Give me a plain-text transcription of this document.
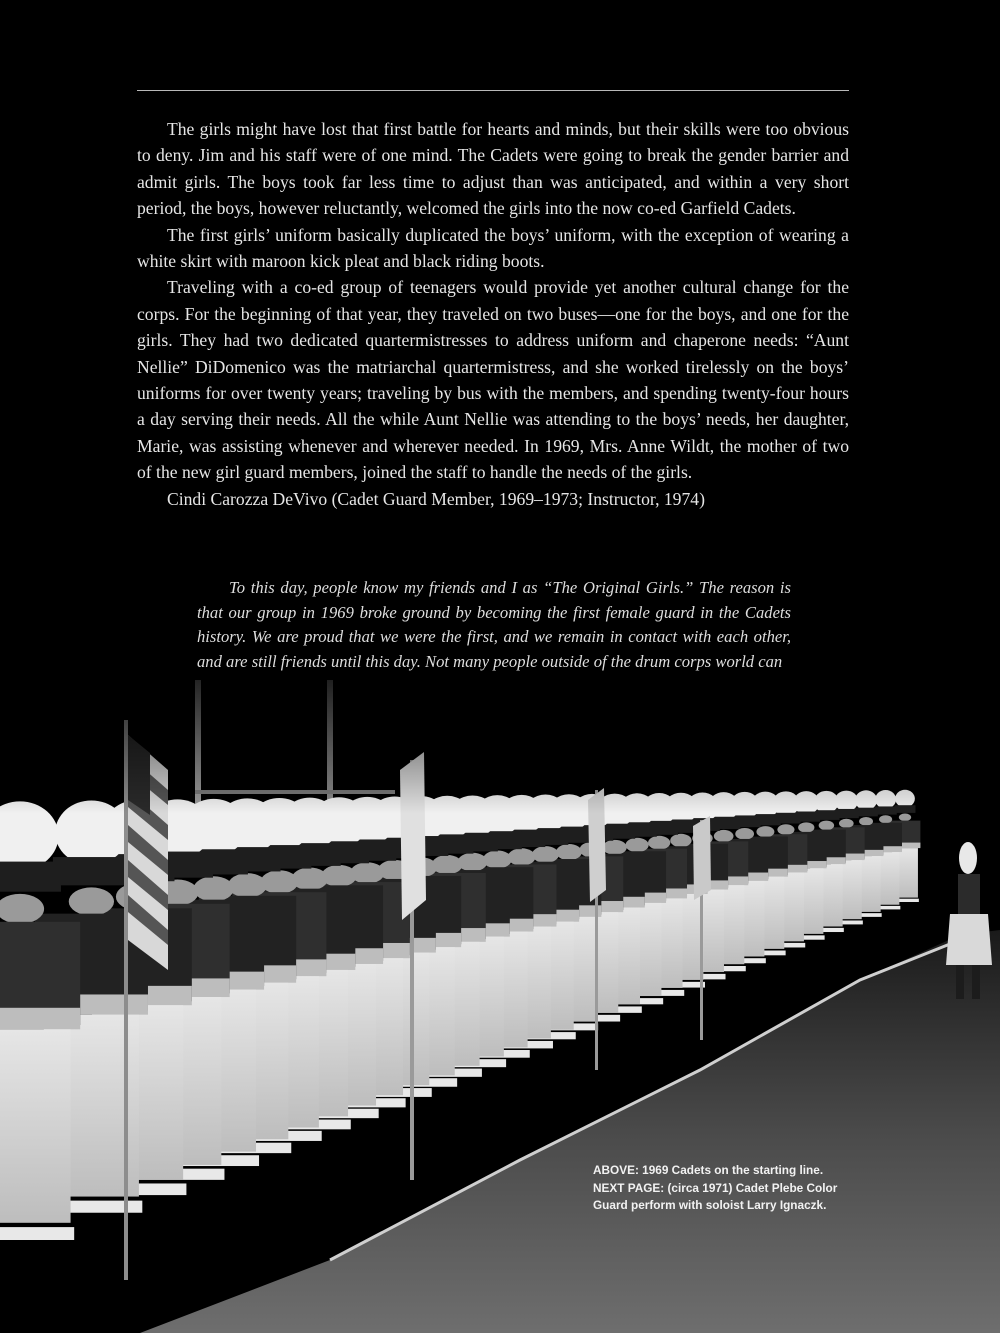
The girls might have lost that first battle for hearts and minds, but their skills were too obvious to deny. Jim and his staff were of one mind. The Cadets were going to break the gender barrier and admit girls. The boys took far less time to adjust than was anticipated, and within a very short period, the boys, however reluctantly, welcomed the girls into the now co-ed Garfield Cadets.

The first girls’ uniform basically duplicated the boys’ uniform, with the exception of wearing a white skirt with maroon kick pleat and black riding boots.

Traveling with a co-ed group of teenagers would provide yet another cultural change for the corps. For the beginning of that year, they traveled on two buses—one for the boys, and one for the girls. They had two dedicated quartermistresses to address uniform and chaperone needs: “Aunt Nellie” DiDomenico was the matriarchal quartermistress, and she worked tirelessly on the boys’ uniforms for over twenty years; traveling by bus with the members, and spending twenty-four hours a day serving their needs. All the while Aunt Nellie was attending to the boys’ needs, her daughter, Marie, was assisting whenever and wherever needed. In 1969, Mrs. Anne Wildt, the mother of two of the new girl guard members, joined the staff to handle the needs of the girls.

Cindi Carozza DeVivo (Cadet Guard Member, 1969–1973; Instructor, 1974)

To this day, people know my friends and I as “The Original Girls.” The reason is that our group in 1969 broke ground by becoming the first female guard in the Cadets history. We are proud that we were the first, and we remain in contact with each other, and are still friends until this day. Not many people outside of the drum corps world can

ABOVE: 1969 Cadets on the starting line.
NEXT PAGE: (circa 1971) Cadet Plebe Color
Guard perform with soloist Larry Ignaczk.
